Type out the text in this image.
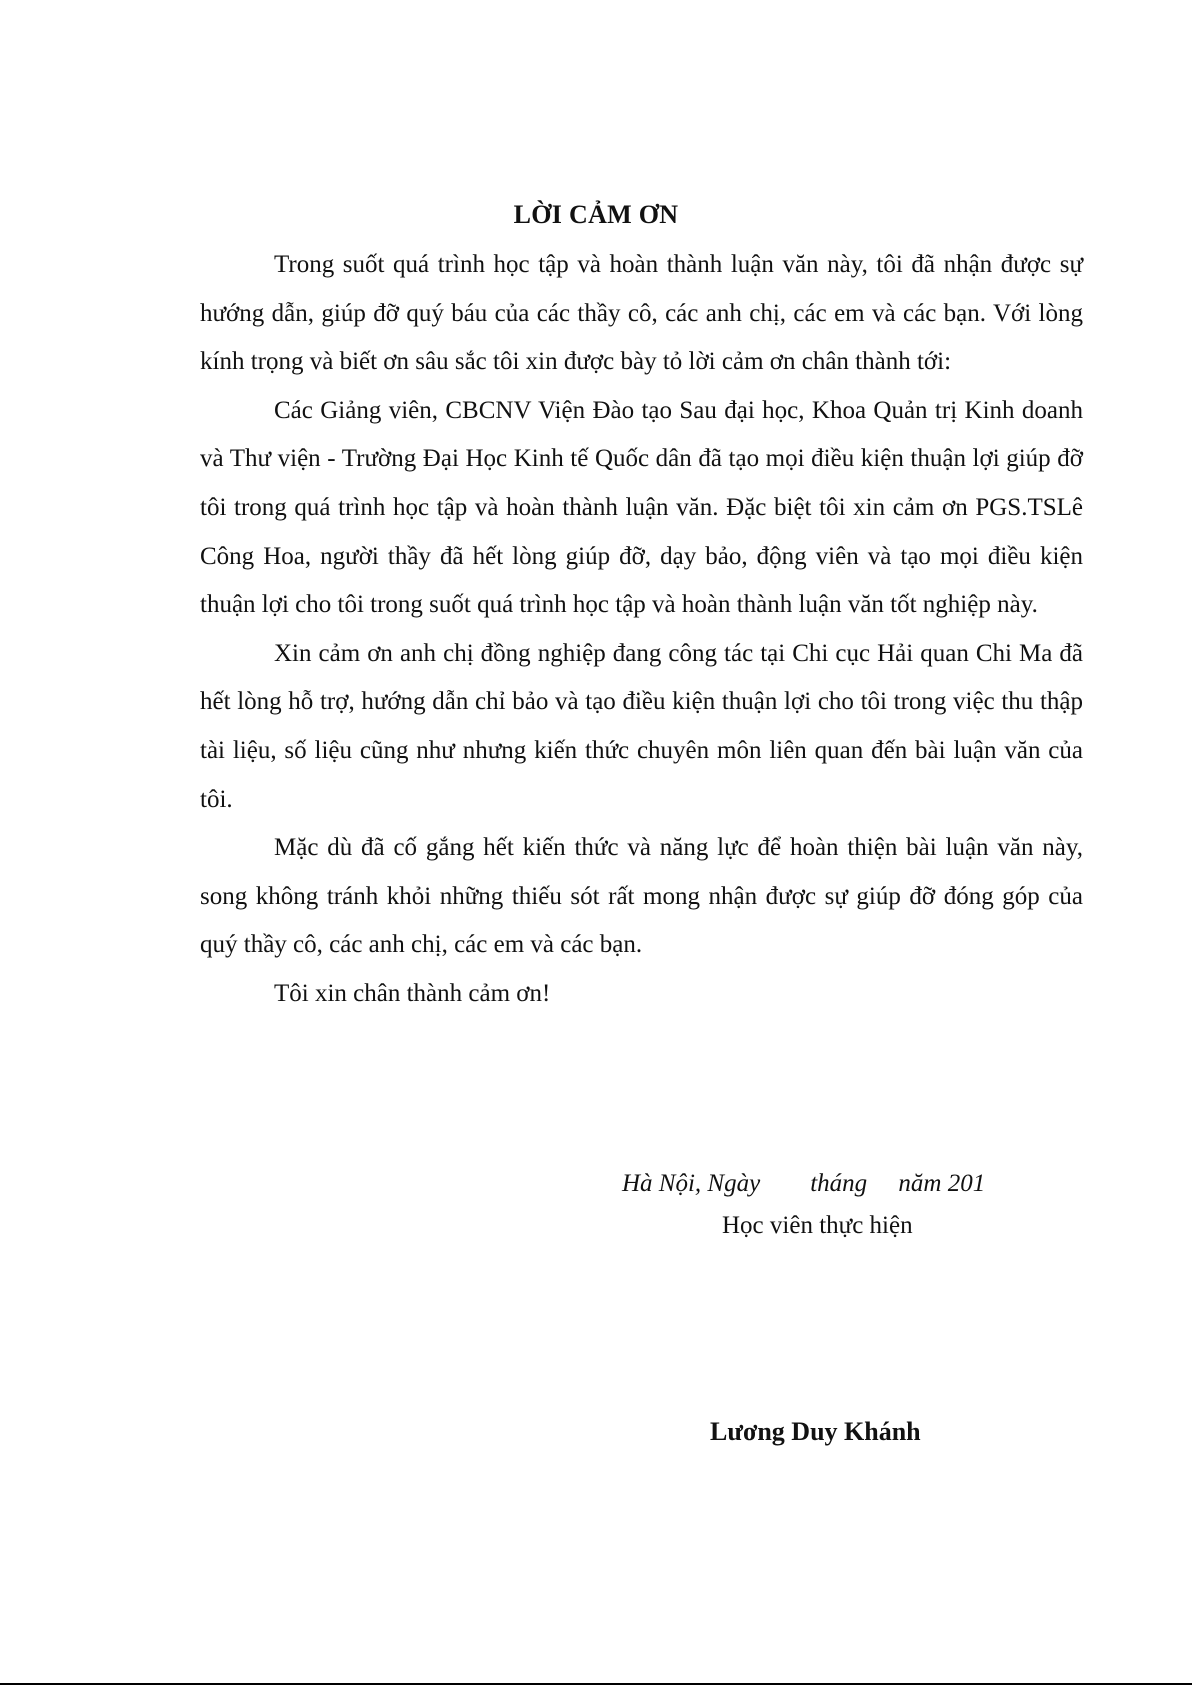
LỜI CẢM ƠN

Trong suốt quá trình học tập và hoàn thành luận văn này, tôi đã nhận được sự hướng dẫn, giúp đỡ quý báu của các thầy cô, các anh chị, các em và các bạn. Với lòng kính trọng và biết ơn sâu sắc tôi xin được bày tỏ lời cảm ơn chân thành tới:

Các Giảng viên, CBCNV Viện Đào tạo Sau đại học, Khoa Quản trị Kinh doanh và Thư viện - Trường Đại Học Kinh tế Quốc dân đã tạo mọi điều kiện thuận lợi giúp đỡ tôi trong quá trình học tập và hoàn thành luận văn. Đặc biệt tôi xin cảm ơn PGS.TSLê Công Hoa, người thầy đã hết lòng giúp đỡ, dạy bảo, động viên và tạo mọi điều kiện thuận lợi cho tôi trong suốt quá trình học tập và hoàn thành luận văn tốt nghiệp này.

Xin cảm ơn anh chị đồng nghiệp đang công tác tại Chi cục Hải quan Chi Ma đã hết lòng hỗ trợ, hướng dẫn chỉ bảo và tạo điều kiện thuận lợi cho tôi trong việc thu thập tài liệu, số liệu cũng như nhưng kiến thức chuyên môn liên quan đến bài luận văn của tôi.

Mặc dù đã cố gắng hết kiến thức và năng lực để hoàn thiện bài luận văn này, song không tránh khỏi những thiếu sót rất mong nhận được sự giúp đỡ đóng góp của quý thầy cô, các anh chị, các em và các bạn.

Tôi xin chân thành cảm ơn!

Hà Nội, Ngày        tháng     năm 201
Học viên thực hiện
Lương Duy Khánh
